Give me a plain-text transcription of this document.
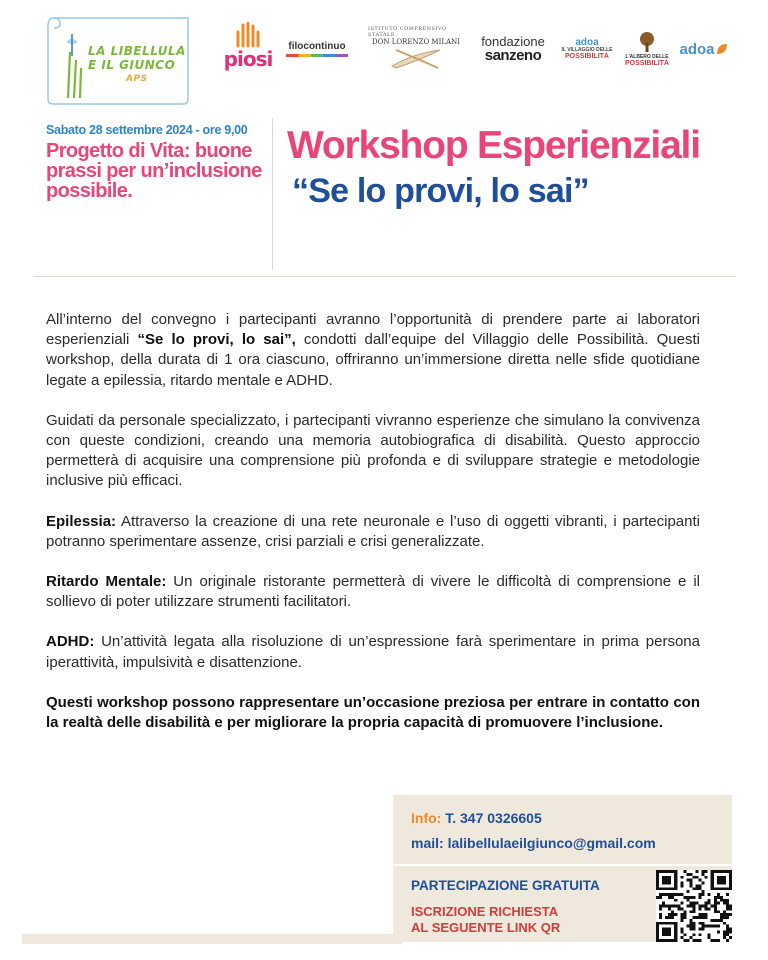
LA LIBELLULA
E IL GIUNCO
APS
piosi
filocontinuo
ISTITUTO COMPRENSIVO STATALE
DON LORENZO MILANI fondazione
sanzeno
adoa
IL VILLAGGIO DELLE
POSSIBILITÀ	L'ALBERO DELLE
POSSIBILITÀ
adoa
Sabato 28 settembre 2024 - ore 9,00
Progetto di Vita: buone prassi per un’inclusione possibile.
Workshop Esperienziali
“Se lo provi, lo sai”

All’interno del convegno i partecipanti avranno l’opportunità di prendere parte ai laboratori esperienziali “Se lo provi, lo sai”, condotti dall’equipe del Villaggio delle Possibilità. Questi workshop, della durata di 1 ora ciascuno, offriranno un’immersione diretta nelle sfide quotidiane legate a epilessia, ritardo mentale e ADHD.

Guidati da personale specializzato, i partecipanti vivranno esperienze che simulano la convivenza con queste condizioni, creando una memoria autobiografica di disabilità. Questo approccio permetterà di acquisire una comprensione più profonda e di sviluppare strategie e metodologie inclusive più efficaci.

Epilessia: Attraverso la creazione di una rete neuronale e l’uso di oggetti vibranti, i partecipanti potranno sperimentare assenze, crisi parziali e crisi generalizzate.

Ritardo Mentale: Un originale ristorante permetterà di vivere le difficoltà di comprensione e il sollievo di poter utilizzare strumenti facilitatori.

ADHD: Un’attività legata alla risoluzione di un’espressione farà sperimentare in prima persona iperattività, impulsività e disattenzione.

Questi workshop possono rappresentare un’occasione preziosa per entrare in contatto con la realtà delle disabilità e per migliorare la propria capacità di promuovere l’inclusione.

Info: T. 347 0326605
mail: lalibellulaeilgiunco@gmail.com
PARTECIPAZIONE GRATUITA
ISCRIZIONE RICHIESTA
AL SEGUENTE LINK QR
